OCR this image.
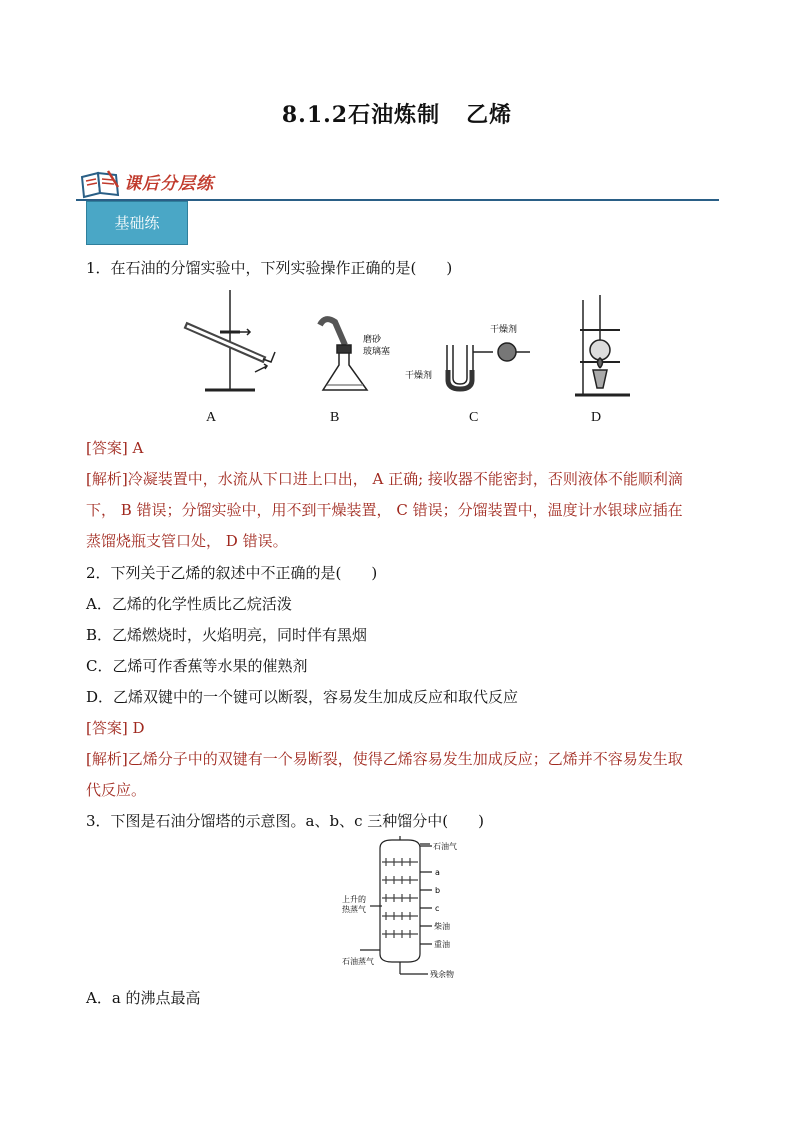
8.1.2石油炼制 乙烯
课后分层练
基础练
1．在石油的分馏实验中，下列实验操作正确的是(　　)
磨砂
玻璃塞
干燥剂
干燥剂
A	B	C	D
[答案] A
[解析]冷凝装置中，水流从下口进上口出， A 正确; 接收器不能密封，否则液体不能顺利滴
下， B 错误；分馏实验中，用不到干燥装置， C 错误；分馏装置中，温度计水银球应插在
蒸馏烧瓶支管口处， D 错误。
2．下列关于乙烯的叙述中不正确的是(　　)
A．乙烯的化学性质比乙烷活泼
B．乙烯燃烧时，火焰明亮，同时伴有黑烟
C．乙烯可作香蕉等水果的催熟剂
D．乙烯双键中的一个键可以断裂，容易发生加成反应和取代反应
[答案] D
[解析]乙烯分子中的双键有一个易断裂，使得乙烯容易发生加成反应；乙烯并不容易发生取
代反应。
3．下图是石油分馏塔的示意图。a、b、c 三种馏分中(　　)
石油气
a
b
c
柴油
重油
上升的
热蒸气
石油蒸气
残余物
A．a 的沸点最高
